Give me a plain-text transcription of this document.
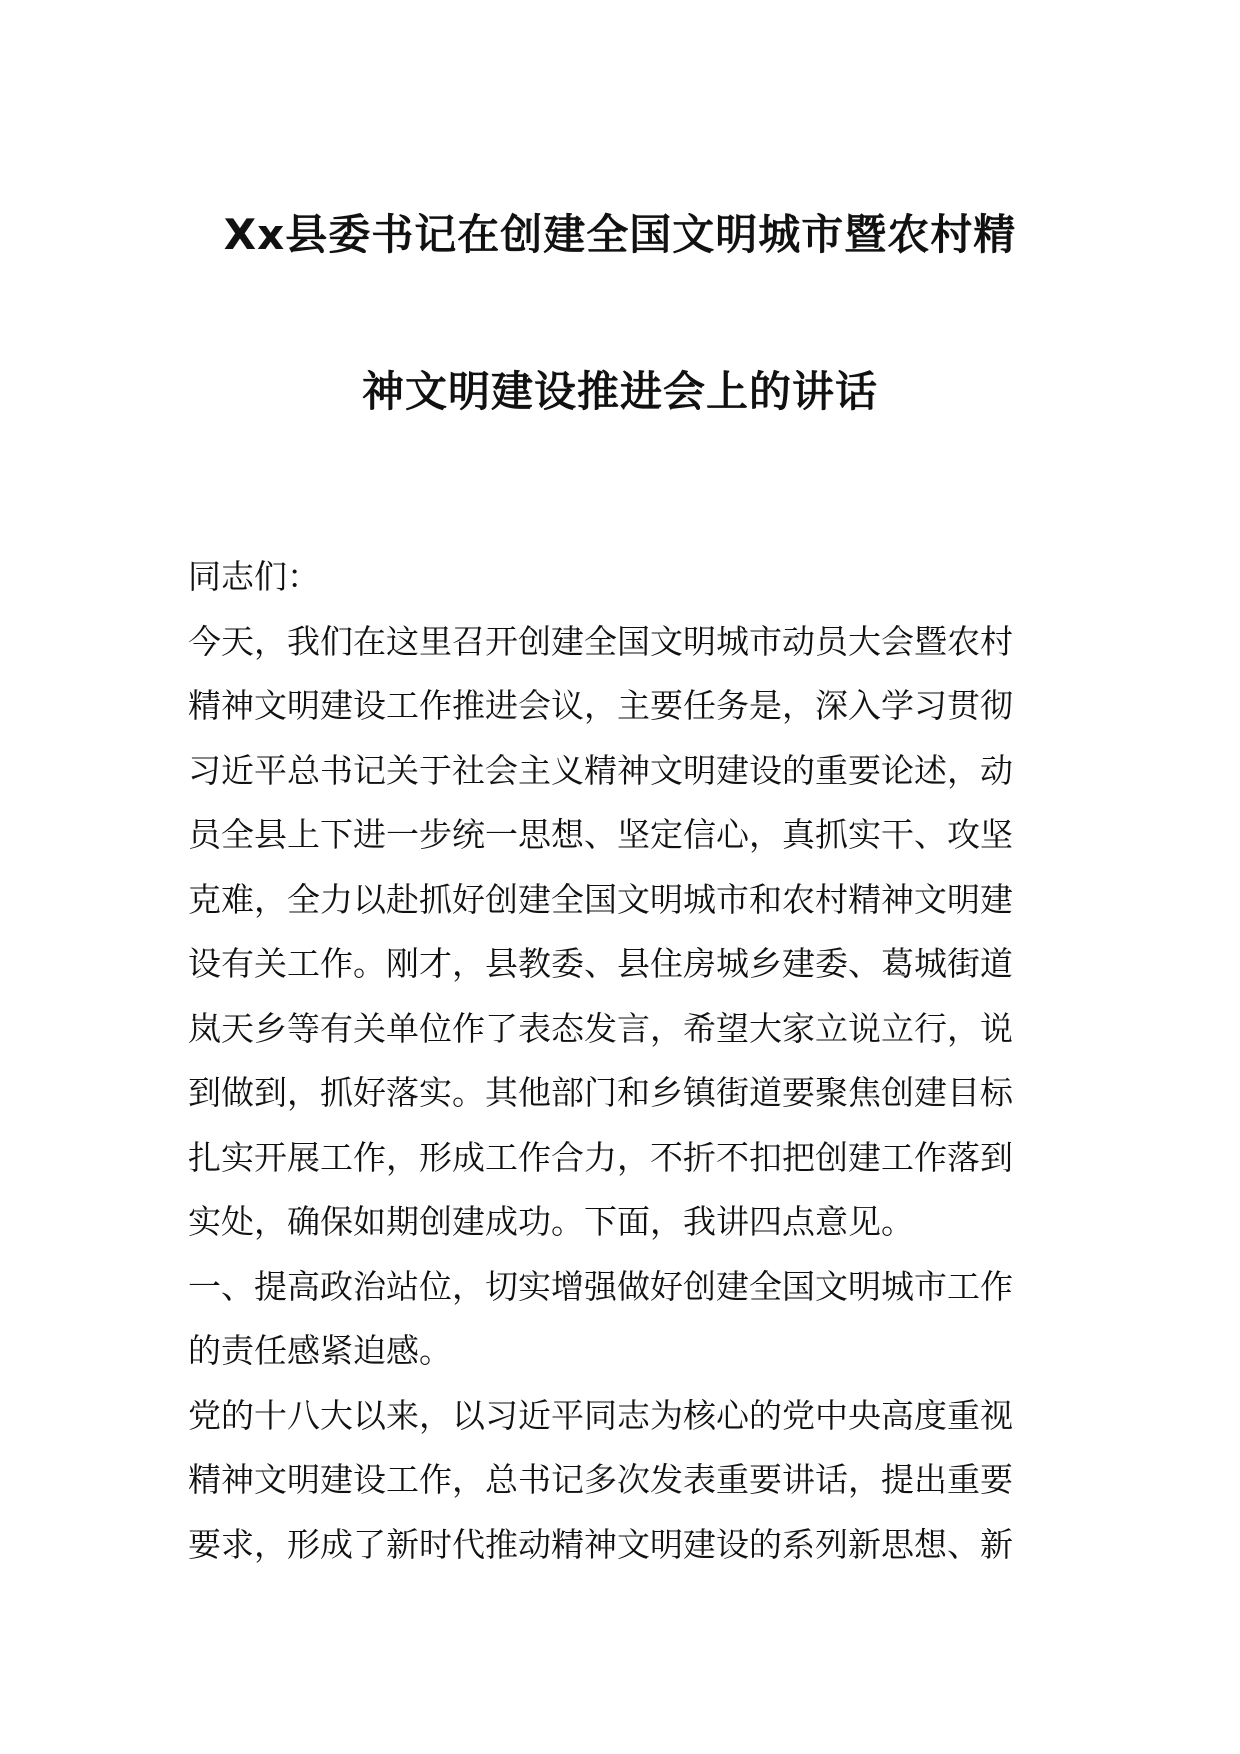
Xx县委书记在创建全国文明城市暨农村精
神文明建设推进会上的讲话
同志们：
今天，我们在这里召开创建全国文明城市动员大会暨农村
精神文明建设工作推进会议，主要任务是，深入学习贯彻
习近平总书记关于社会主义精神文明建设的重要论述，动
员全县上下进一步统一思想、坚定信心，真抓实干、攻坚
克难，全力以赴抓好创建全国文明城市和农村精神文明建
设有关工作。刚才，县教委、县住房城乡建委、葛城街道
岚天乡等有关单位作了表态发言，希望大家立说立行，说
到做到，抓好落实。其他部门和乡镇街道要聚焦创建目标
扎实开展工作，形成工作合力，不折不扣把创建工作落到
实处，确保如期创建成功。下面，我讲四点意见。
一、提高政治站位，切实增强做好创建全国文明城市工作
的责任感紧迫感。
党的十八大以来，以习近平同志为核心的党中央高度重视
精神文明建设工作，总书记多次发表重要讲话，提出重要
要求，形成了新时代推动精神文明建设的系列新思想、新
